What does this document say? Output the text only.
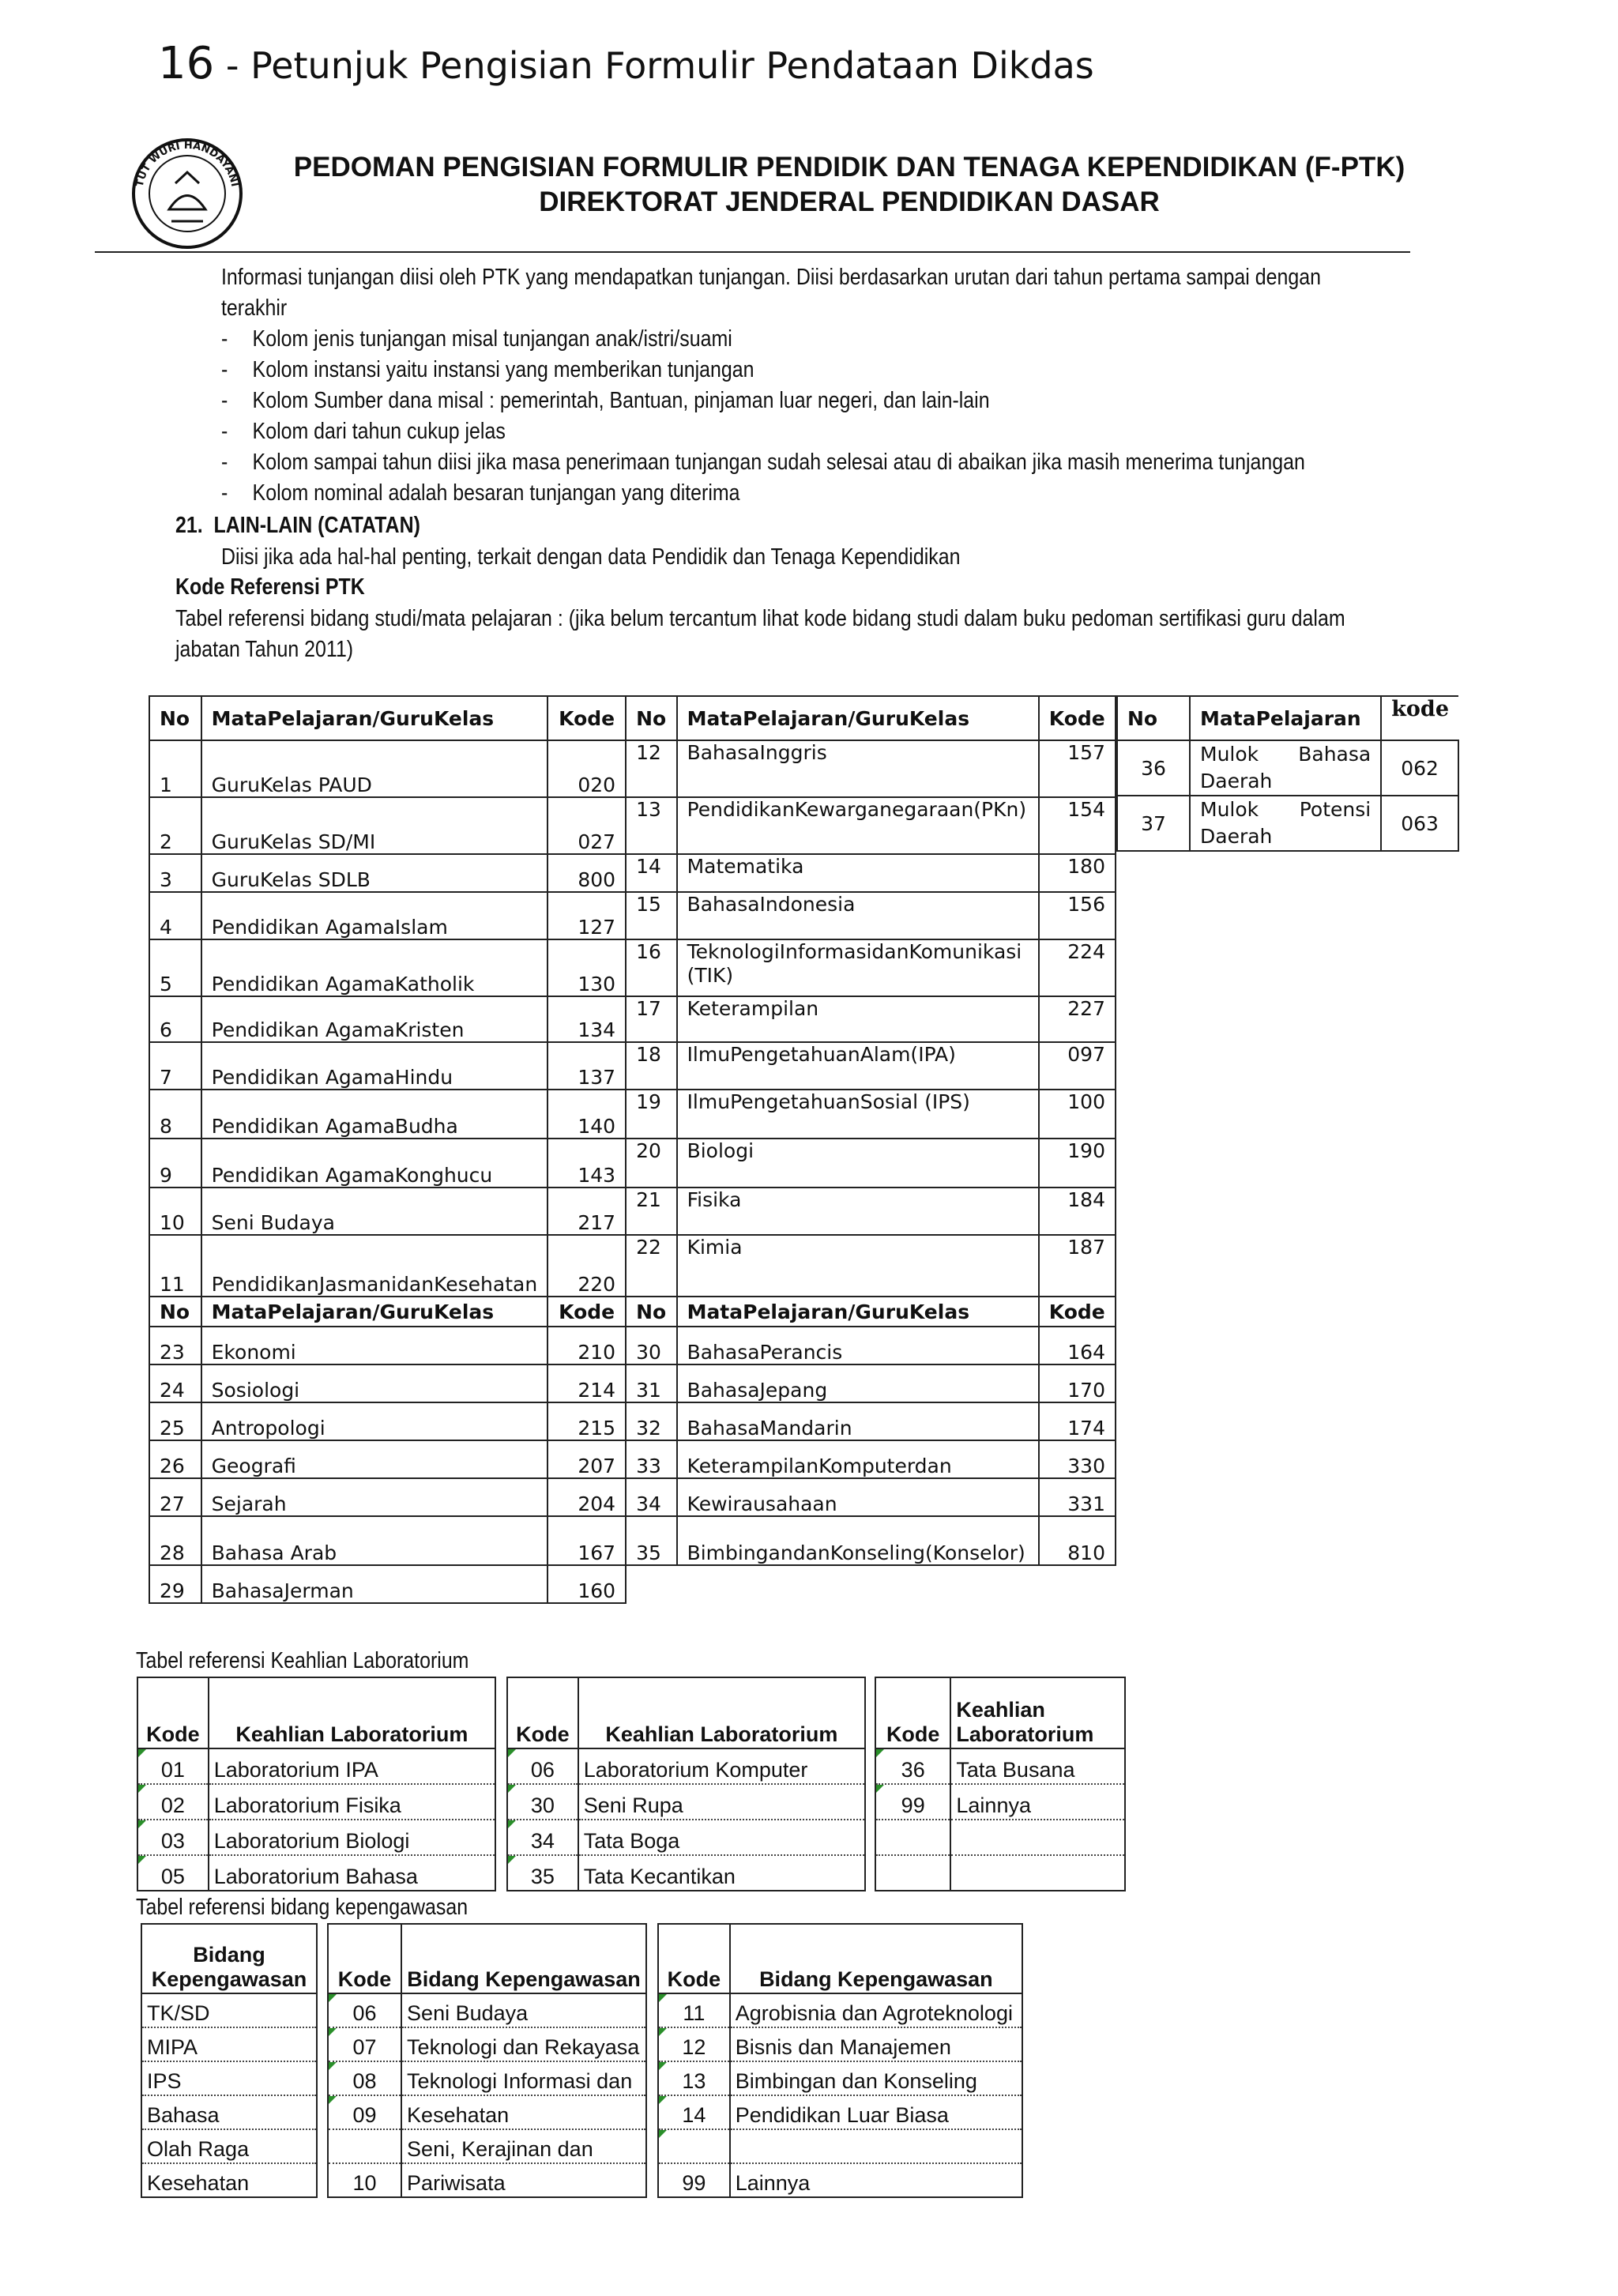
16 - Petunjuk Pengisian Formulir Pendataan Dikdas
TUT WURI HANDAYANI
PEDOMAN PENGISIAN FORMULIR PENDIDIK DAN TENAGA KEPENDIDIKAN (F-PTK)
DIREKTORAT JENDERAL PENDIDIKAN DASAR
Informasi tunjangan diisi oleh PTK yang mendapatkan tunjangan. Diisi berdasarkan urutan dari tahun pertama sampai dengan
terakhir
- Kolom jenis tunjangan misal tunjangan anak/istri/suami
- Kolom instansi yaitu instansi yang memberikan tunjangan
- Kolom Sumber dana misal : pemerintah, Bantuan, pinjaman luar negeri, dan lain-lain
- Kolom dari tahun cukup jelas
- Kolom sampai tahun diisi jika masa penerimaan tunjangan sudah selesai atau di abaikan jika masih menerima tunjangan
- Kolom nominal adalah besaran tunjangan yang diterima
21. LAIN-LAIN (CATATAN)
Diisi jika ada hal-hal penting, terkait dengan data Pendidik dan Tenaga Kependidikan
Kode Referensi PTK
Tabel referensi bidang studi/mata pelajaran : (jika belum tercantum lihat kode bidang studi dalam buku pedoman sertifikasi guru dalam
jabatan Tahun 2011)
No	MataPelajaran/GuruKelas	Kode	No	MataPelajaran/GuruKelas	Kode
1	GuruKelas PAUD	020	12	BahasaInggris	157
2	GuruKelas SD/MI	027	13	PendidikanKewarganegaraan(PKn)	154
3	GuruKelas SDLB	800	14	Matematika	180
4	Pendidikan AgamaIslam	127	15	BahasaIndonesia	156
5	Pendidikan AgamaKatholik	130	16	TeknologiInformasidanKomunikasi (TIK)	224
6	Pendidikan AgamaKristen	134	17	Keterampilan	227
7	Pendidikan AgamaHindu	137	18	IlmuPengetahuanAlam(IPA)	097
8	Pendidikan AgamaBudha	140	19	IlmuPengetahuanSosial (IPS)	100
9	Pendidikan AgamaKonghucu	143	20	Biologi	190
10	Seni Budaya	217	21	Fisika	184
11	PendidikanJasmanidanKesehatan	220	22	Kimia	187
No	MataPelajaran/GuruKelas	Kode	No	MataPelajaran/GuruKelas	Kode
23	Ekonomi	210	30	BahasaPerancis	164
24	Sosiologi	214	31	BahasaJepang	170
25	Antropologi	215	32	BahasaMandarin	174
26	Geografi	207	33	KeterampilanKomputerdan	330
27	Sejarah	204	34	Kewirausahaan	331
28	Bahasa Arab	167	35	BimbingandanKonseling(Konselor)	810
29	BahasaJerman	160			
No	MataPelajaran	kode
36	Mulok Bahasa Daerah	062
37	Mulok Potensi Daerah	063
Tabel referensi Keahlian Laboratorium
Kode	Keahlian Laboratorium
01	Laboratorium IPA
02	Laboratorium Fisika
03	Laboratorium Biologi
05	Laboratorium Bahasa
Kode	Keahlian Laboratorium
06	Laboratorium Komputer
30	Seni Rupa
34	Tata Boga
35	Tata Kecantikan
Kode	Keahlian
Laboratorium
36	Tata Busana
99	Lainnya

Tabel referensi bidang kepengawasan
Bidang
Kepengawasan
TK/SD
MIPA
IPS
Bahasa
Olah Raga
Kesehatan
Kode	Bidang Kepengawasan
06	Seni Budaya
07	Teknologi dan Rekayasa
08	Teknologi Informasi dan
09	Kesehatan
	Seni, Kerajinan dan
10	Pariwisata
Kode	Bidang Kepengawasan
11	Agrobisnia dan Agroteknologi
12	Bisnis dan Manajemen
13	Bimbingan dan Konseling
14	Pendidikan Luar Biasa

99	Lainnya
